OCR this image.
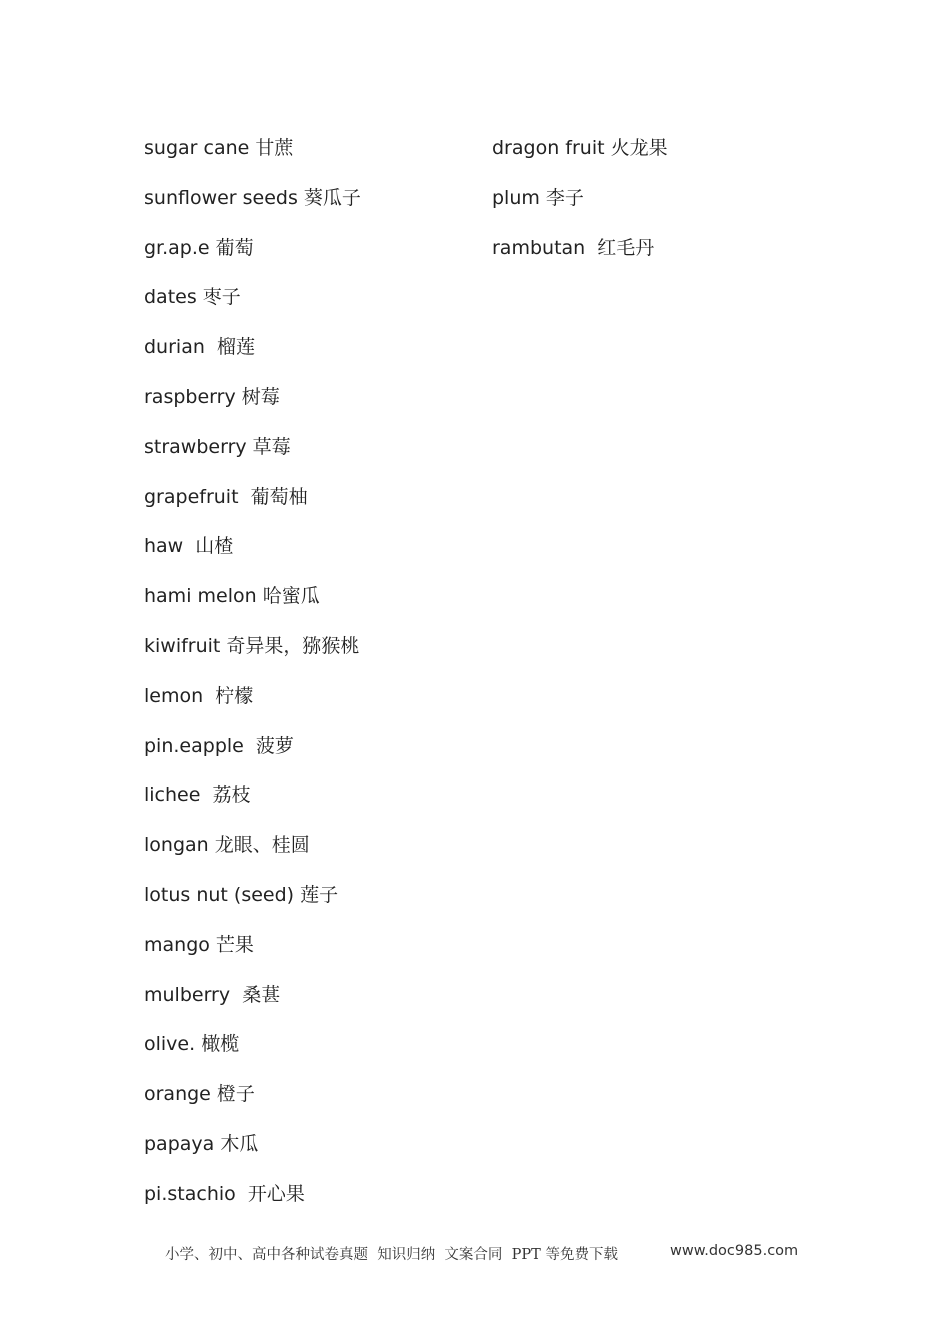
sugar cane 甘蔗
sunflower seeds 葵瓜子
gr.ap.e 葡萄
dates 枣子
durian  榴莲
raspberry 树莓
strawberry 草莓
grapefruit  葡萄柚
haw  山楂
hami melon 哈蜜瓜
kiwifruit 奇异果，猕猴桃
lemon  柠檬
pin.eapple  菠萝
lichee  荔枝
longan 龙眼、桂圆
lotus nut (seed) 莲子
mango 芒果
mulberry  桑葚
olive. 橄榄
orange 橙子
papaya 木瓜
pi.stachio  开心果
dragon fruit 火龙果
plum 李子
rambutan  红毛丹
小学、初中、高中各种试卷真题  知识归纳  文案合同  PPT 等免费下载	www.doc985.com
